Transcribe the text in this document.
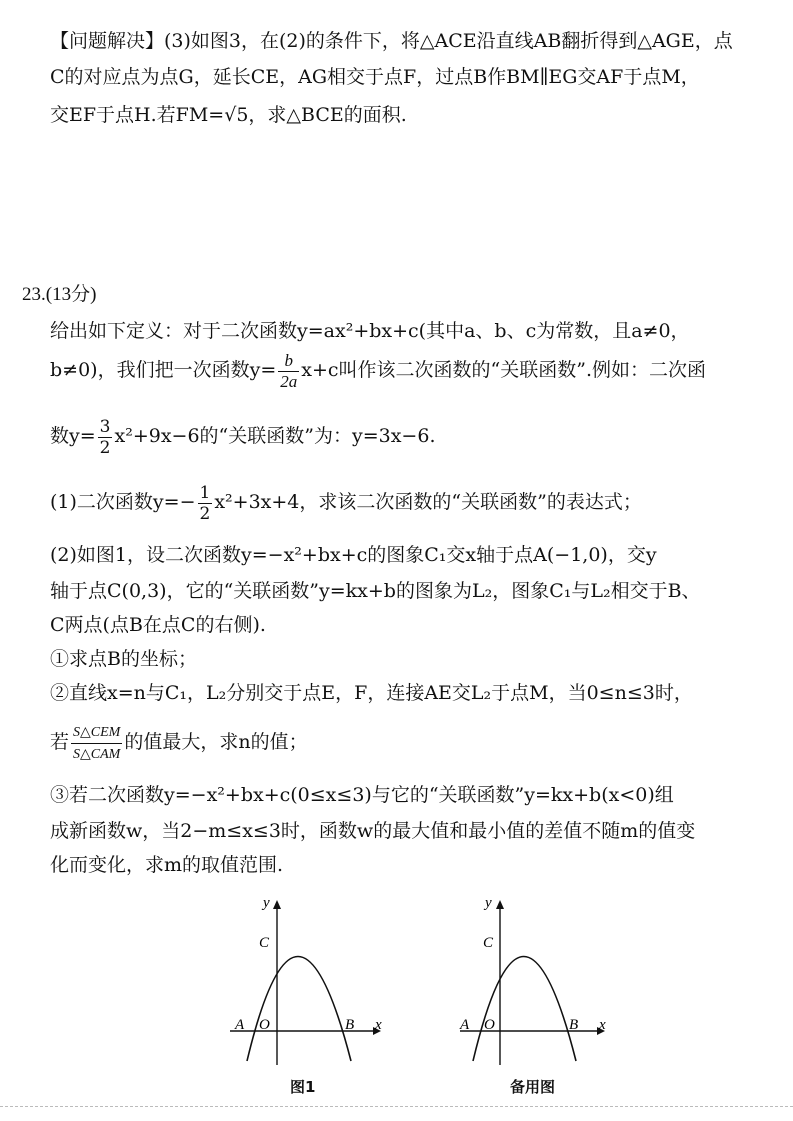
【问题解决】(3)如图3，在(2)的条件下，将△ACE沿直线AB翻折得到△AGE，点
C的对应点为点G，延长CE，AG相交于点F，过点B作BM∥EG交AF于点M，
交EF于点H.若FM=√5，求△BCE的面积.
23.(13分)
给出如下定义：对于二次函数y=ax²+bx+c(其中a、b、c为常数，且a≠0，
b≠0)，我们把一次函数$y= \frac{b}{2a} x+c$叫作该二次函数的“关联函数”.例如：二次函
数$y= \frac{3}{2} x^2+9x-6$的“关联函数”为：y=3x−6.
(1)二次函数$y=- \frac{1}{2} x^2+3x+4$，求该二次函数的“关联函数”的表达式；
(2)如图1，设二次函数y=−x²+bx+c的图象C₁交x轴于点A(−1,0)，交y
轴于点C(0,3)，它的“关联函数”y=kx+b的图象为L₂，图象C₁与L₂相交于B、
C两点(点B在点C的右侧).
①求点B的坐标；
②直线x=n与C₁，L₂分别交于点E，F，连接AE交L₂于点M，当0≤n≤3时，
若 $\frac{\text{S△CEM}}{\text{S△CAM}}$ 的值最大，求n的值；
③若二次函数y=−x²+bx+c(0≤x≤3)与它的“关联函数”y=kx+b(x<0)组
成新函数w，当2−m≤x≤3时，函数w的最大值和最小值的差值不随m的值变
化而变化，求m的取值范围.
y
x
C
A O	B
图1
y
x
C
A O	B
备用图
